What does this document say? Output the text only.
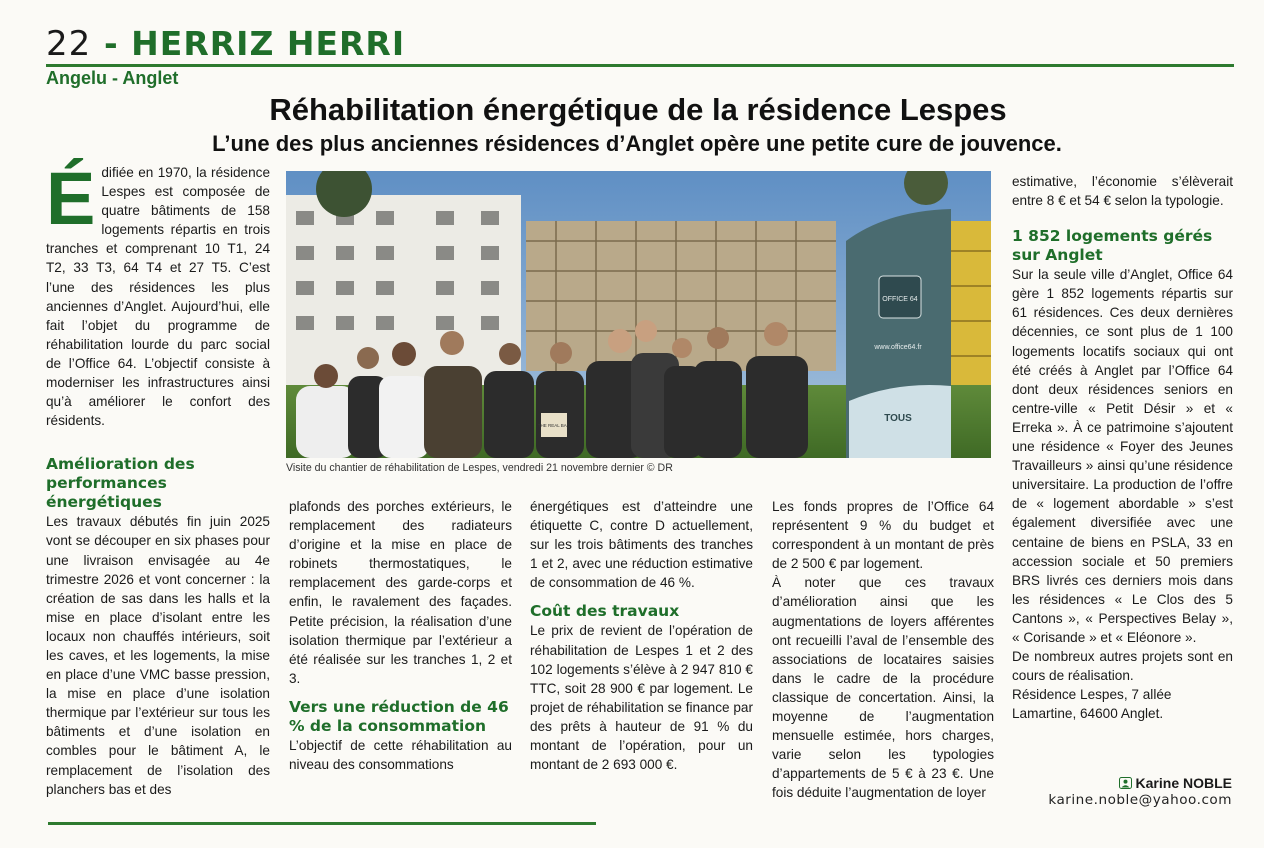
22 - HERRIZ HERRI
Angelu - Anglet
Réhabilitation énergétique de la résidence Lespes
L’une des plus anciennes résidences d’Anglet opère une petite cure de jouvence.

Édifiée en 1970, la résidence Lespes est composée de quatre bâtiments de 158 logements répartis en trois tranches et comprenant 10 T1, 24 T2, 33 T3, 64 T4 et 27 T5. C’est l’une des résidences les plus anciennes d’Anglet. Aujourd’hui, elle fait l’objet du programme de réhabilitation lourde du parc social de l’Office 64. L’objectif consiste à moderniser les infrastructures ainsi qu’à améliorer le confort des résidents.

Amélioration des performances énergétiques

Les travaux débutés fin juin 2025 vont se découper en six phases pour une livraison envisagée au 4e trimestre 2026 et vont concerner : la création de sas dans les halls et la mise en place d’isolant entre les locaux non chauffés intérieurs, soit les caves, et les logements, la mise en place d’une VMC basse pression, la mise en place d’une isolation thermique par l’extérieur sur tous les bâtiments et d’une isolation en combles pour le bâtiment A, le remplacement de l’isolation des planchers bas et des

OFFICE 64
www.office64.fr
TOUS
THE REAL BAG
Visite du chantier de réhabilitation de Lespes, vendredi 21 novembre dernier © DR

plafonds des porches extérieurs, le remplacement des radiateurs d’origine et la mise en place de robinets thermostatiques, le remplacement des garde-corps et enfin, le ravalement des façades. Petite précision, la réalisation d’une isolation thermique par l’extérieur a été réalisée sur les tranches 1, 2 et 3.

Vers une réduction de 46 % de la consommation

L’objectif de cette réhabilitation au niveau des consommations

énergétiques est d’atteindre une étiquette C, contre D actuellement, sur les trois bâtiments des tranches 1 et 2, avec une réduction estimative de consommation de 46 %.

Coût des travaux

Le prix de revient de l’opération de réhabilitation de Lespes 1 et 2 des 102 logements s’élève à 2 947 810 € TTC, soit 28 900 € par logement. Le projet de réhabilitation se finance par des prêts à hauteur de 91 % du montant de l’opération, pour un montant de 2 693 000 €.

Les fonds propres de l’Office 64 représentent 9 % du budget et correspondent à un montant de près de 2 500 € par logement.

À noter que ces travaux d’amélioration ainsi que les augmentations de loyers afférentes ont recueilli l’aval de l’ensemble des associations de locataires saisies dans le cadre de la procédure classique de concertation. Ainsi, la moyenne de l’augmentation mensuelle estimée, hors charges, varie selon les typologies d’appartements de 5 € à 23 €. Une fois déduite l’augmentation de loyer

estimative, l’économie s’élèverait entre 8 € et 54 € selon la typologie.

1 852 logements gérés sur Anglet

Sur la seule ville d’Anglet, Office 64 gère 1 852 logements répartis sur 61 résidences. Ces deux dernières décennies, ce sont plus de 1 100 logements locatifs sociaux qui ont été créés à Anglet par l’Office 64 dont deux résidences seniors en centre-ville « Petit Désir » et « Erreka ». À ce patrimoine s’ajoutent une résidence « Foyer des Jeunes Travailleurs » ainsi qu’une résidence universitaire. La production de l’offre de « logement abordable » s’est également diversifiée avec une centaine de biens en PSLA, 33 en accession sociale et 50 premiers BRS livrés ces derniers mois dans les résidences « Le Clos des 5 Cantons », « Perspectives Belay », « Corisande » et « Eléonore ».

De nombreux autres projets sont en cours de réalisation.

Résidence Lespes, 7 allée Lamartine, 64600 Anglet.

Karine NOBLE
karine.noble@yahoo.com
